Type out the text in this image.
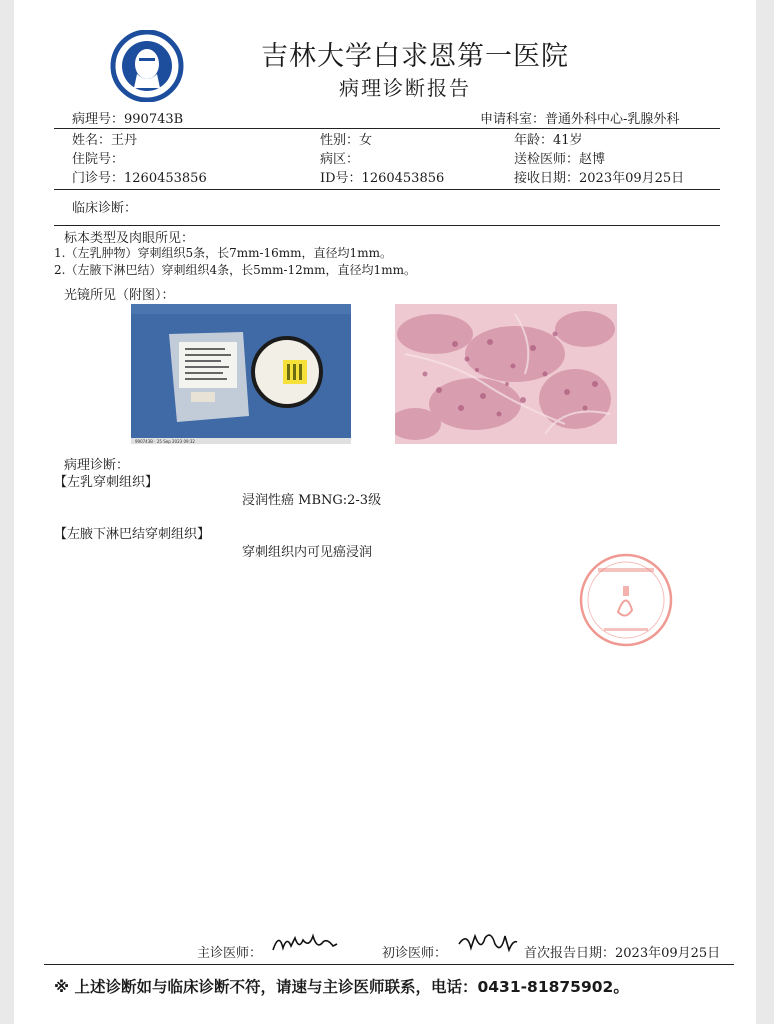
1946
吉林大学白求恩第一医院
病理诊断报告
病理号：990743B	申请科室：普通外科中心-乳腺外科
姓名：王丹	性别：女	年龄：41岁
住院号：	病区：	送检医师：赵博
门诊号：1260453856	ID号：1260453856	接收日期：2023年09月25日
临床诊断：
标本类型及肉眼所见：
1.（左乳肿物）穿刺组织5条，长7mm-16mm，直径均1mm。
2.（左腋下淋巴结）穿刺组织4条，长5mm-12mm，直径均1mm。
光镜所见（附图）：
990743B · 25 Sep 2023 09:32
病理诊断：
【左乳穿刺组织】
浸润性癌 MBNG:2-3级
【左腋下淋巴结穿刺组织】
穿刺组织内可见癌浸润
主诊医师：	初诊医师：	首次报告日期：2023年09月25日
※ 上述诊断如与临床诊断不符，请速与主诊医师联系，电话：0431-81875902。
